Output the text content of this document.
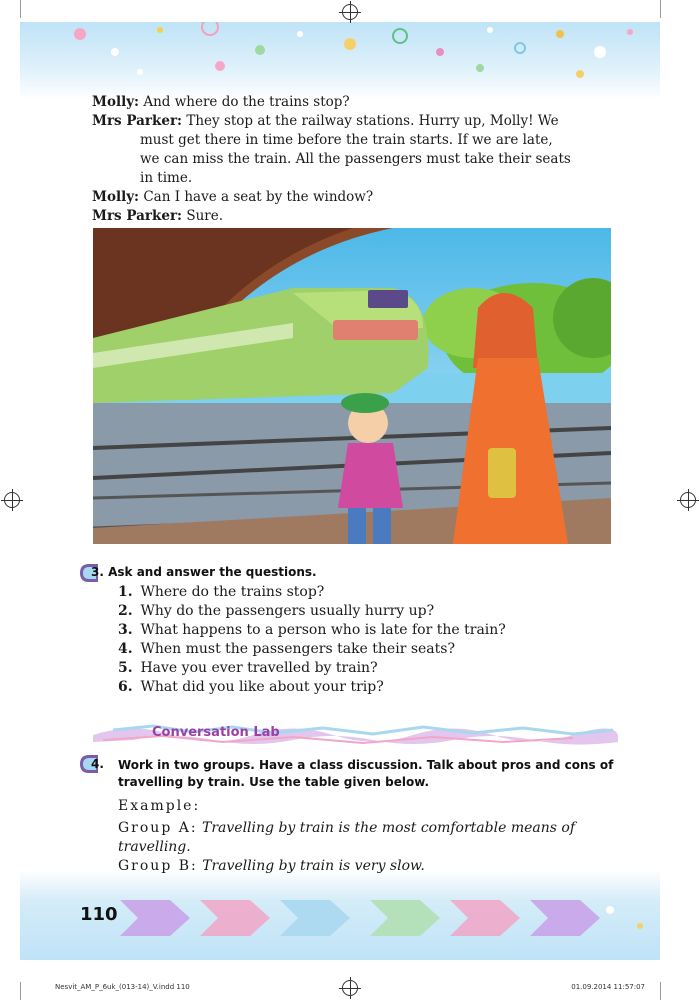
Molly: And where do the trains stop?
Mrs Parker: They stop at the railway stations. Hurry up, Molly! We
must get there in time before the train starts. If we are late,
we can miss the train. All the passengers must take their seats
in time.
Molly: Can I have a seat by the window?
Mrs Parker: Sure.
3. Ask and answer the questions.
1. Where do the trains stop?
2. Why do the passengers usually hurry up?
3. What happens to a person who is late for the train?
4. When must the passengers take their seats?
5. Have you ever travelled by train?
6. What did you like about your trip?
Conversation Lab
4. Work in two groups. Have a class discussion. Talk about pros and cons of
travelling by train. Use the table given below.
Example:
Group A: Travelling by train is the most comfortable means of
travelling.
Group B: Travelling by train is very slow.
110
Nesvit_AM_P_6uk_(013-14)_V.indd 110	01.09.2014 11:57:07
